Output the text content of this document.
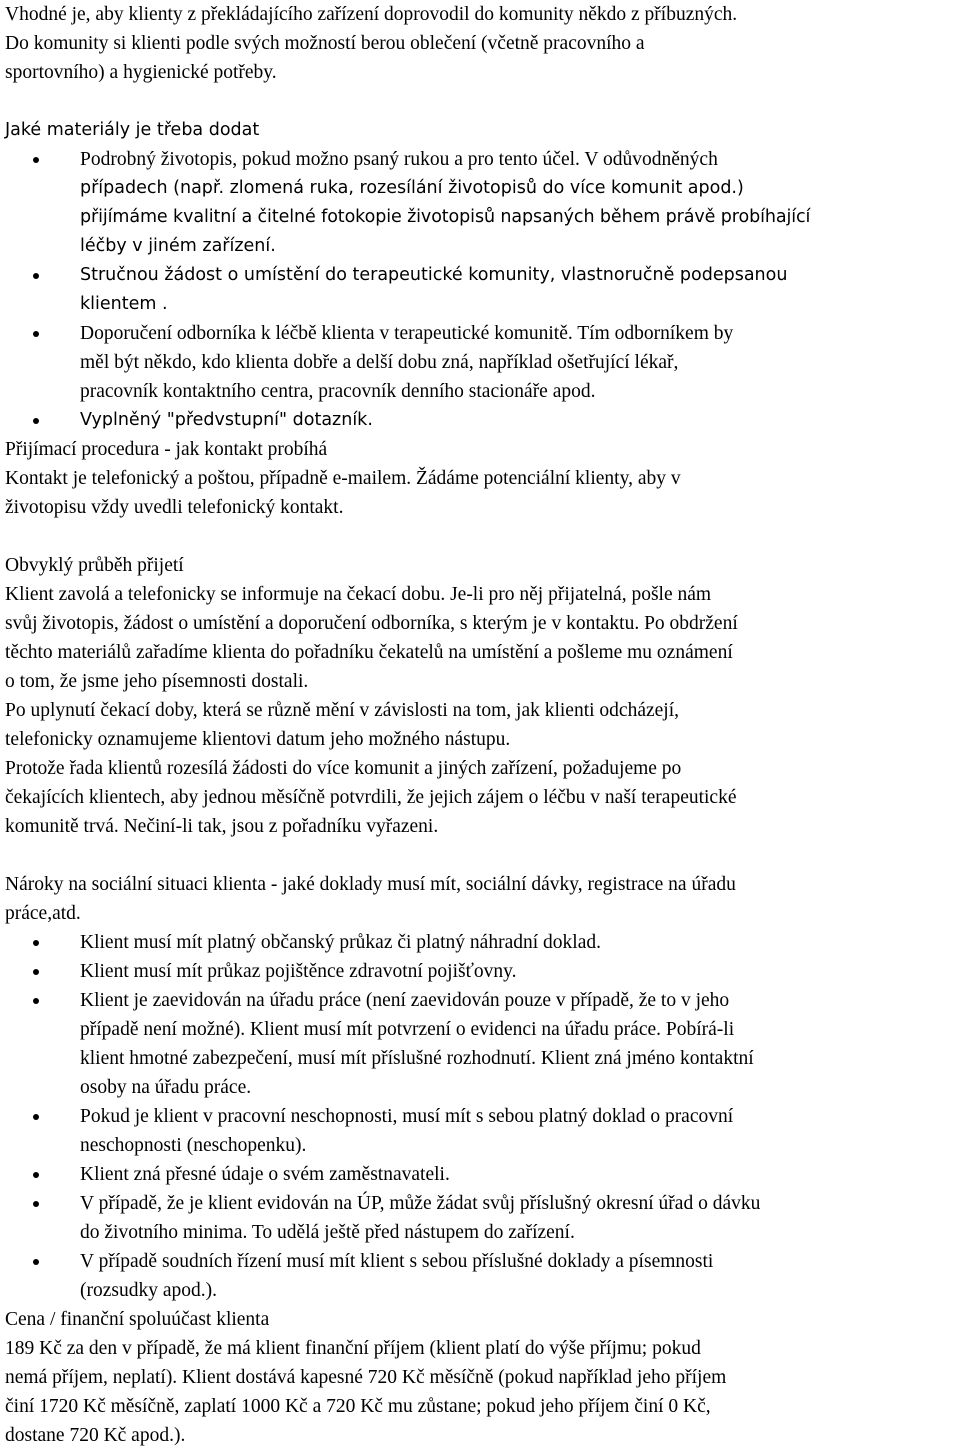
Vhodné je, aby klienty z překládajícího zařízení doprovodil do komunity někdo z příbuzných.
Do komunity si klienti podle svých možností berou oblečení (včetně pracovního a
sportovního) a hygienické potřeby.
Jaké materiály je třeba dodat
Podrobný životopis, pokud možno psaný rukou a pro tento účel. V odůvodněných
případech (např. zlomená ruka, rozesílání životopisů do více komunit apod.)
přijímáme kvalitní a čitelné fotokopie životopisů napsaných během právě probíhající
léčby v jiném zařízení.
Stručnou žádost o umístění do terapeutické komunity, vlastnoručně podepsanou
klientem .
Doporučení odborníka k léčbě klienta v terapeutické komunitě. Tím odborníkem by
měl být někdo, kdo klienta dobře a delší dobu zná, například ošetřující lékař,
pracovník kontaktního centra, pracovník denního stacionáře apod.
Vyplněný "předvstupní" dotazník.
Přijímací procedura - jak kontakt probíhá
Kontakt je telefonický a poštou, případně e-mailem. Žádáme potenciální klienty, aby v
životopisu vždy uvedli telefonický kontakt.
Obvyklý průběh přijetí
Klient zavolá a telefonicky se informuje na čekací dobu. Je-li pro něj přijatelná, pošle nám
svůj životopis, žádost o umístění a doporučení odborníka, s kterým je v kontaktu. Po obdržení
těchto materiálů zařadíme klienta do pořadníku čekatelů na umístění a pošleme mu oznámení
o tom, že jsme jeho písemnosti dostali.
Po uplynutí čekací doby, která se různě mění v závislosti na tom, jak klienti odcházejí,
telefonicky oznamujeme klientovi datum jeho možného nástupu.
Protože řada klientů rozesílá žádosti do více komunit a jiných zařízení, požadujeme po
čekajících klientech, aby jednou měsíčně potvrdili, že jejich zájem o léčbu v naší terapeutické
komunitě trvá. Nečiní-li tak, jsou z pořadníku vyřazeni.
Nároky na sociální situaci klienta - jaké doklady musí mít, sociální dávky, registrace na úřadu
práce,atd.
Klient musí mít platný občanský průkaz či platný náhradní doklad.
Klient musí mít průkaz pojištěnce zdravotní pojišťovny.
Klient je zaevidován na úřadu práce (není zaevidován pouze v případě, že to v jeho
případě není možné). Klient musí mít potvrzení o evidenci na úřadu práce. Pobírá-li
klient hmotné zabezpečení, musí mít příslušné rozhodnutí. Klient zná jméno kontaktní
osoby na úřadu práce.
Pokud je klient v pracovní neschopnosti, musí mít s sebou platný doklad o pracovní
neschopnosti (neschopenku).
Klient zná přesné údaje o svém zaměstnavateli.
V případě, že je klient evidován na ÚP, může žádat svůj příslušný okresní úřad o dávku
do životního minima. To udělá ještě před nástupem do zařízení.
V případě soudních řízení musí mít klient s sebou příslušné doklady a písemnosti
(rozsudky apod.).
Cena / finanční spoluúčast klienta
189 Kč za den v případě, že má klient finanční příjem (klient platí do výše příjmu; pokud
nemá příjem, neplatí). Klient dostává kapesné 720 Kč měsíčně (pokud například jeho příjem
činí 1720 Kč měsíčně, zaplatí 1000 Kč a 720 Kč mu zůstane; pokud jeho příjem činí 0 Kč,
dostane 720 Kč apod.).
